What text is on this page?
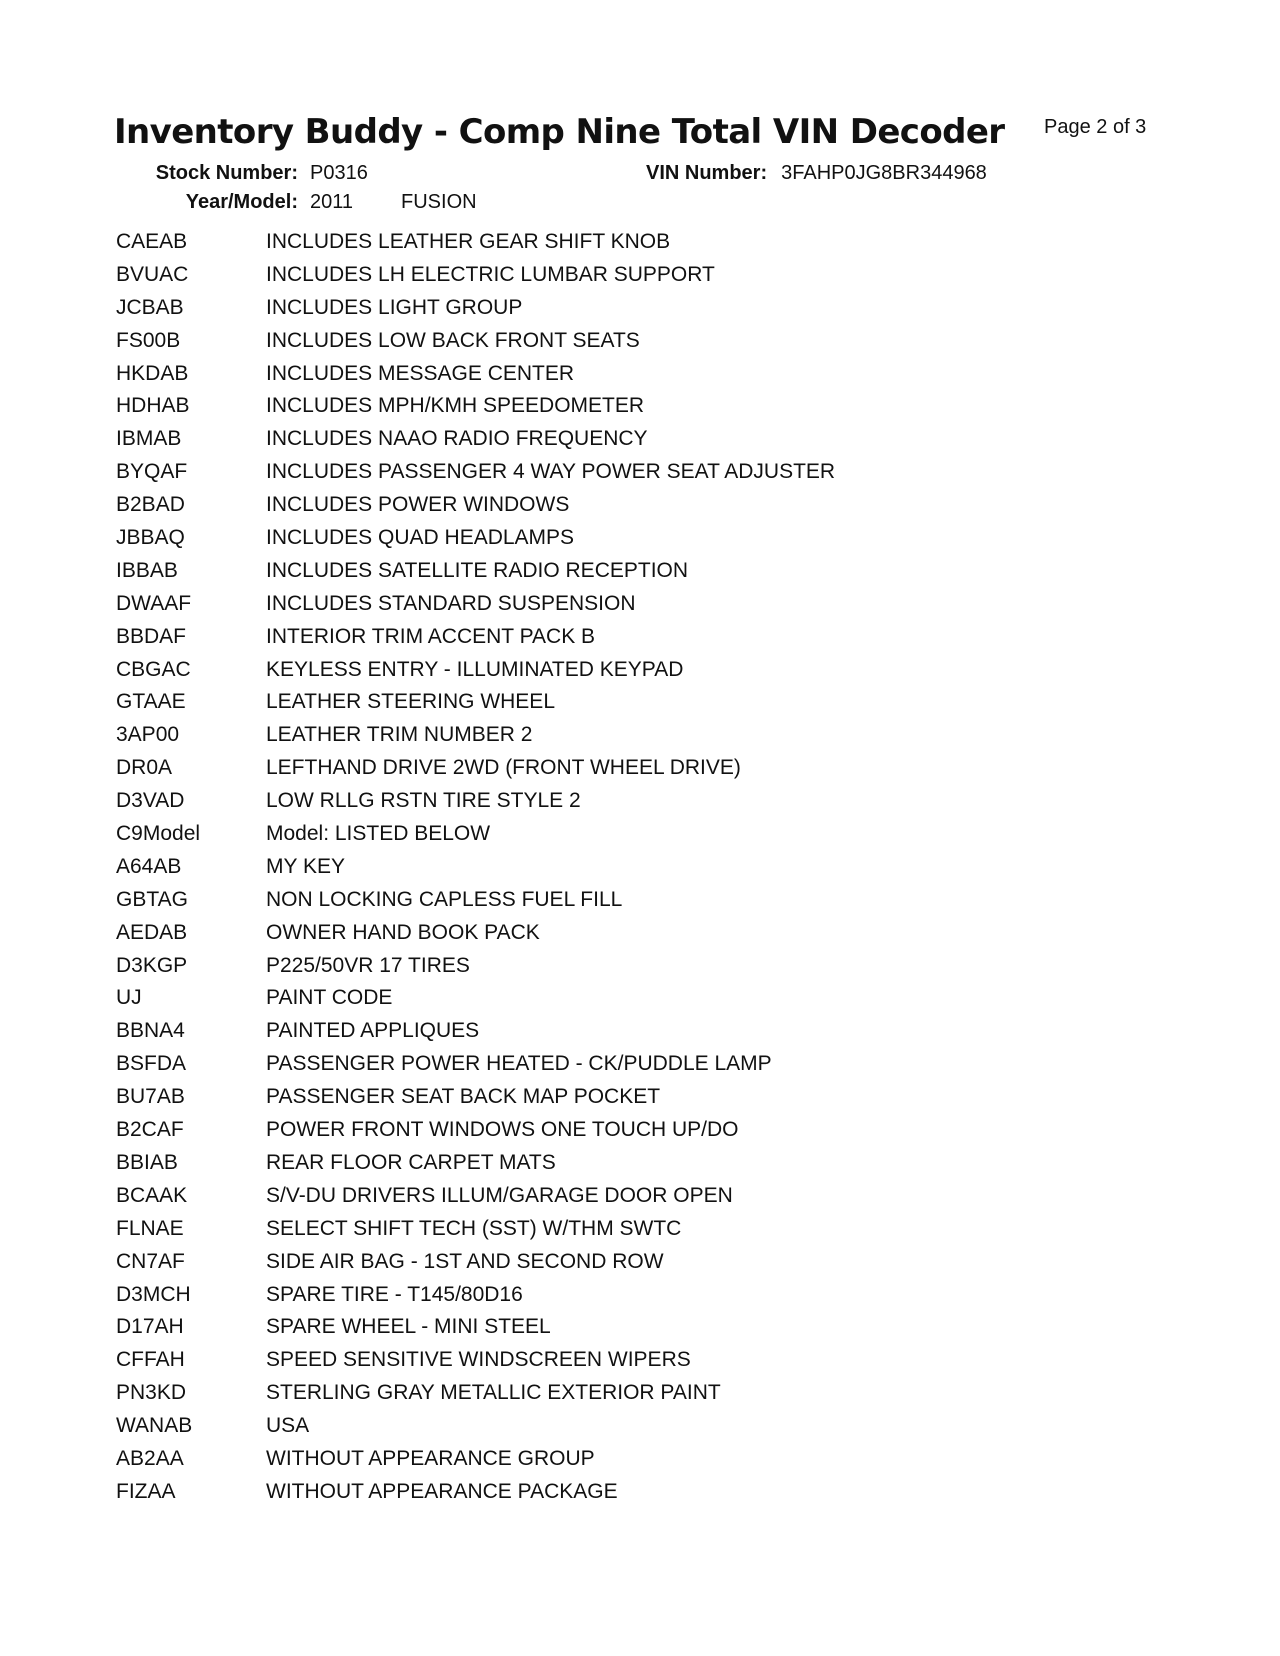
Inventory Buddy - Comp Nine Total VIN Decoder Page 2 of 3
Stock Number: P0316	VIN Number: 3FAHP0JG8BR344968
Year/Model: 2011 FUSION
CAEAB	INCLUDES LEATHER GEAR SHIFT KNOB
BVUAC	INCLUDES LH ELECTRIC LUMBAR SUPPORT
JCBAB	INCLUDES LIGHT GROUP
FS00B	INCLUDES LOW BACK FRONT SEATS
HKDAB	INCLUDES MESSAGE CENTER
HDHAB	INCLUDES MPH/KMH SPEEDOMETER
IBMAB	INCLUDES NAAO RADIO FREQUENCY
BYQAF	INCLUDES PASSENGER 4 WAY POWER SEAT ADJUSTER
B2BAD	INCLUDES POWER WINDOWS
JBBAQ	INCLUDES QUAD HEADLAMPS
IBBAB	INCLUDES SATELLITE RADIO RECEPTION
DWAAF	INCLUDES STANDARD SUSPENSION
BBDAF	INTERIOR TRIM ACCENT PACK B
CBGAC	KEYLESS ENTRY - ILLUMINATED KEYPAD
GTAAE	LEATHER STEERING WHEEL
3AP00	LEATHER TRIM NUMBER 2
DR0A	LEFTHAND DRIVE 2WD (FRONT WHEEL DRIVE)
D3VAD	LOW RLLG RSTN TIRE STYLE 2
C9Model	Model: LISTED BELOW
A64AB	MY KEY
GBTAG	NON LOCKING CAPLESS FUEL FILL
AEDAB	OWNER HAND BOOK PACK
D3KGP	P225/50VR 17 TIRES
UJ	PAINT CODE
BBNA4	PAINTED APPLIQUES
BSFDA	PASSENGER POWER HEATED - CK/PUDDLE LAMP
BU7AB	PASSENGER SEAT BACK MAP POCKET
B2CAF	POWER FRONT WINDOWS ONE TOUCH UP/DO
BBIAB	REAR FLOOR CARPET MATS
BCAAK	S/V-DU DRIVERS ILLUM/GARAGE DOOR OPEN
FLNAE	SELECT SHIFT TECH (SST) W/THM SWTC
CN7AF	SIDE AIR BAG - 1ST AND SECOND ROW
D3MCH	SPARE TIRE - T145/80D16
D17AH	SPARE WHEEL - MINI STEEL
CFFAH	SPEED SENSITIVE WINDSCREEN WIPERS
PN3KD	STERLING GRAY METALLIC EXTERIOR PAINT
WANAB	USA
AB2AA	WITHOUT APPEARANCE GROUP
FIZAA	WITHOUT APPEARANCE PACKAGE
